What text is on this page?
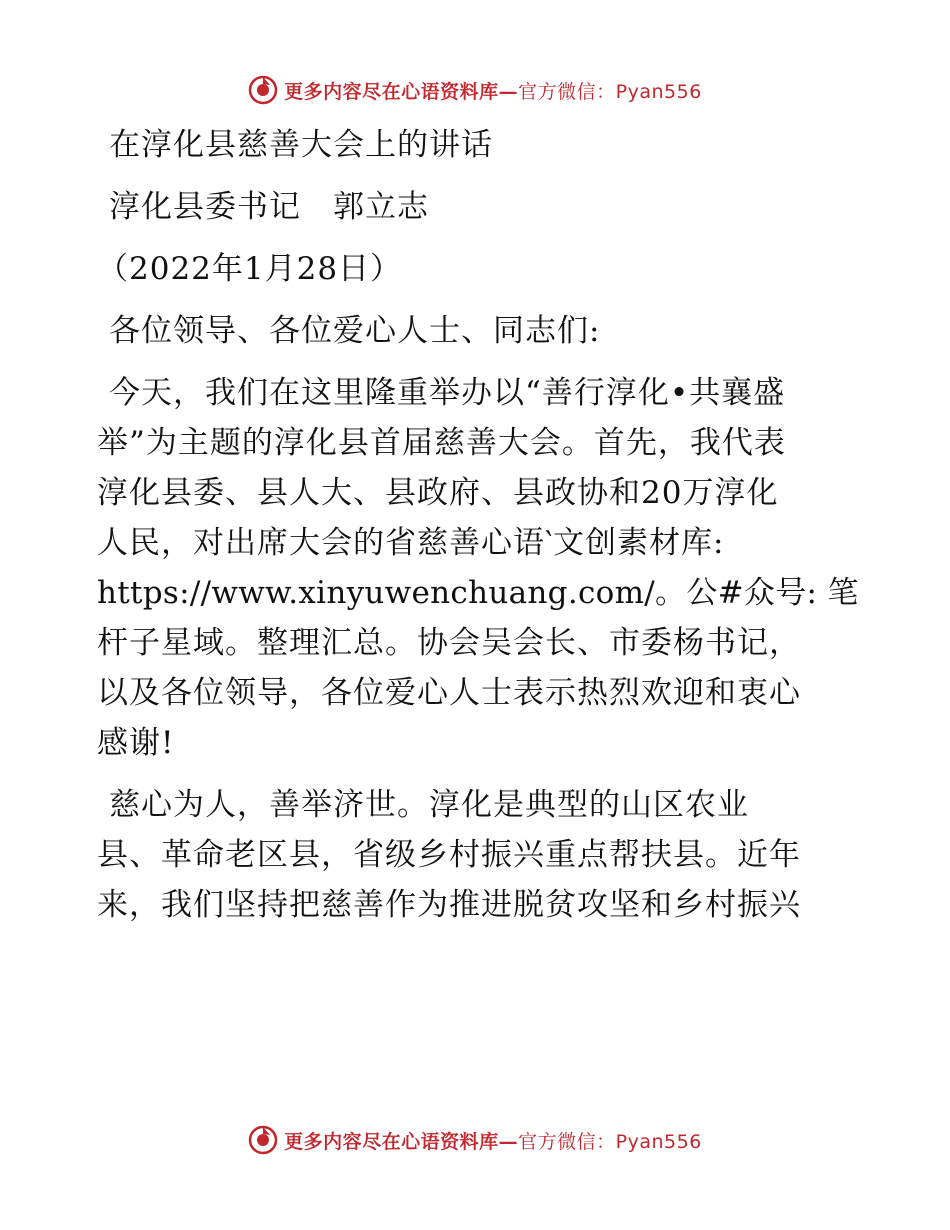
更多内容尽在心语资料库— 官方微信：Pyan556
在淳化县慈善大会上的讲话
淳化县委书记　郭立志
（2022年1月28日）
各位领导、各位爱心人士、同志们:
今天，我们在这里隆重举办以“善行淳化•共襄盛
举”为主题的淳化县首届慈善大会。首先，我代表
淳化县委、县人大、县政府、县政协和20万淳化
人民，对出席大会的省慈善心语‵文创素材库:
https://www.xinyuwenchuang.com/。公#众号: 笔
杆子星域。整理汇总。协会吴会长、市委杨书记，
以及各位领导，各位爱心人士表示热烈欢迎和衷心
感谢!
慈心为人，善举济世。淳化是典型的山区农业
县、革命老区县，省级乡村振兴重点帮扶县。近年
来，我们坚持把慈善作为推进脱贫攻坚和乡村振兴
更多内容尽在心语资料库— 官方微信：Pyan556
